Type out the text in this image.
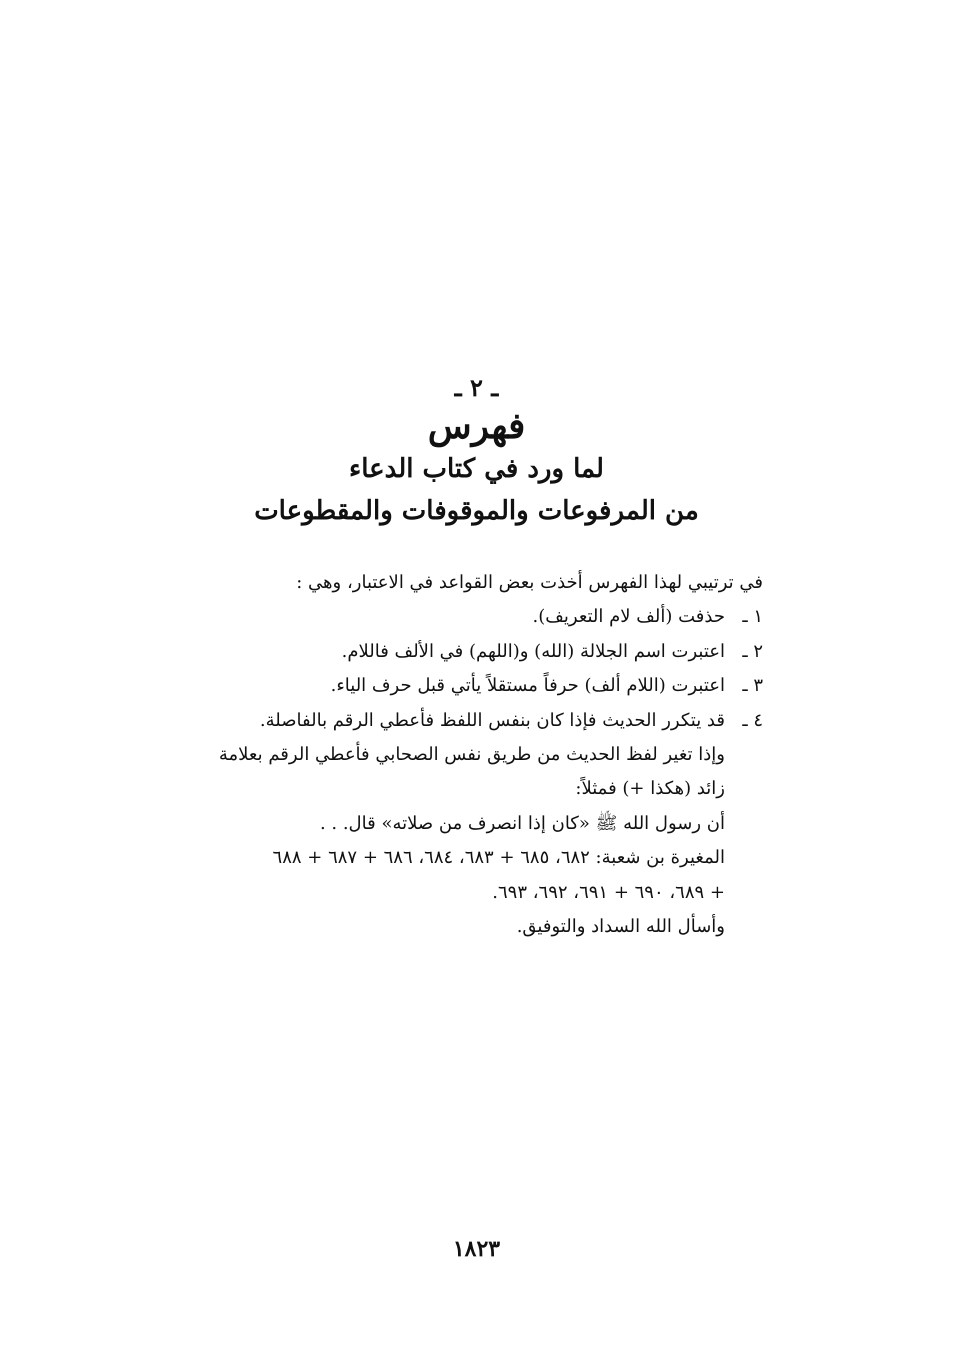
ـ ٢ ـ
فهرس
لما ورد في كتاب الدعاء
من المرفوعات والموقوفات والمقطوعات

في ترتيبي لهذا الفهرس أخذت بعض القواعد في الاعتبار، وهي :

١ ـحذفت (ألف لام التعريف).

٢ ـاعتبرت اسم الجلالة (الله) و(اللهم) في الألف فاللام.

٣ ـاعتبرت (اللام ألف) حرفاً مستقلاً يأتي قبل حرف الياء.

٤ ـقد يتكرر الحديث فإذا كان بنفس اللفظ فأعطي الرقم بالفاصلة.

وإذا تغير لفظ الحديث من طريق نفس الصحابي فأعطي الرقم بعلامة

زائد (هكذا +) فمثلاً:

أن رسول الله ﷺ «كان إذا انصرف من صلاته» قال. . .

المغيرة بن شعبة: ٦٨٢، ٦٨٥ + ٦٨٣، ٦٨٤، ٦٨٦ + ٦٨٧ + ٦٨٨

+ ٦٨٩، ٦٩٠ + ٦٩١، ٦٩٢، ٦٩٣.

وأسأل الله السداد والتوفيق.

١٨٢٣
